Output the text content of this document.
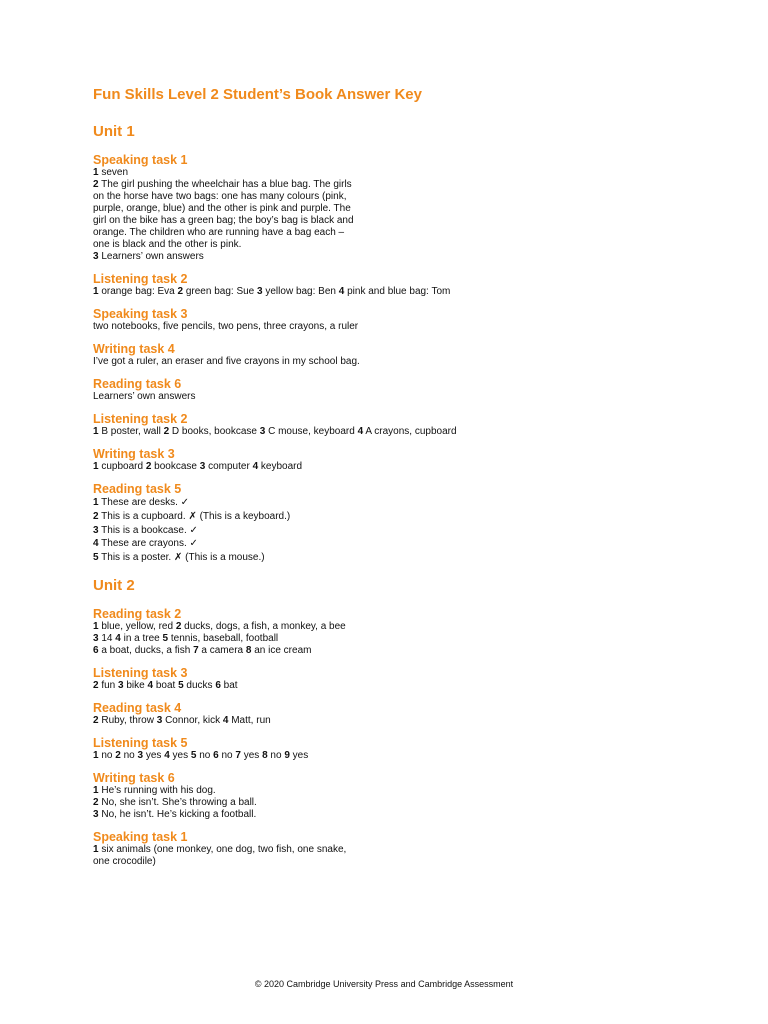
Fun Skills Level 2 Student’s Book Answer Key
Unit 1
Speaking task 1
1 seven
2 The girl pushing the wheelchair has a blue bag. The girls
on the horse have two bags: one has many colours (pink,
purple, orange, blue) and the other is pink and purple. The
girl on the bike has a green bag; the boy’s bag is black and
orange. The children who are running have a bag each –
one is black and the other is pink.
3 Learners’ own answers
Listening task 2
1 orange bag: Eva 2 green bag: Sue 3 yellow bag: Ben 4 pink and blue bag: Tom
Speaking task 3
two notebooks, five pencils, two pens, three crayons, a ruler
Writing task 4
I’ve got a ruler, an eraser and five crayons in my school bag.
Reading task 6
Learners’ own answers
Listening task 2
1 B poster, wall 2 D books, bookcase 3 C mouse, keyboard 4 A crayons, cupboard
Writing task 3
1 cupboard 2 bookcase 3 computer 4 keyboard
Reading task 5
1 These are desks. ✓
2 This is a cupboard. ✗ (This is a keyboard.)
3 This is a bookcase. ✓
4 These are crayons. ✓
5 This is a poster. ✗ (This is a mouse.)
Unit 2
Reading task 2
1 blue, yellow, red 2 ducks, dogs, a fish, a monkey, a bee
3 14 4 in a tree 5 tennis, baseball, football
6 a boat, ducks, a fish 7 a camera 8 an ice cream
Listening task 3
2 fun 3 bike 4 boat 5 ducks 6 bat
Reading task 4
2 Ruby, throw 3 Connor, kick 4 Matt, run
Listening task 5
1 no 2 no 3 yes 4 yes 5 no 6 no 7 yes 8 no 9 yes
Writing task 6
1 He’s running with his dog.
2 No, she isn’t. She’s throwing a ball.
3 No, he isn’t. He’s kicking a football.
Speaking task 1
1 six animals (one monkey, one dog, two fish, one snake,
one crocodile)
© 2020 Cambridge University Press and Cambridge Assessment
